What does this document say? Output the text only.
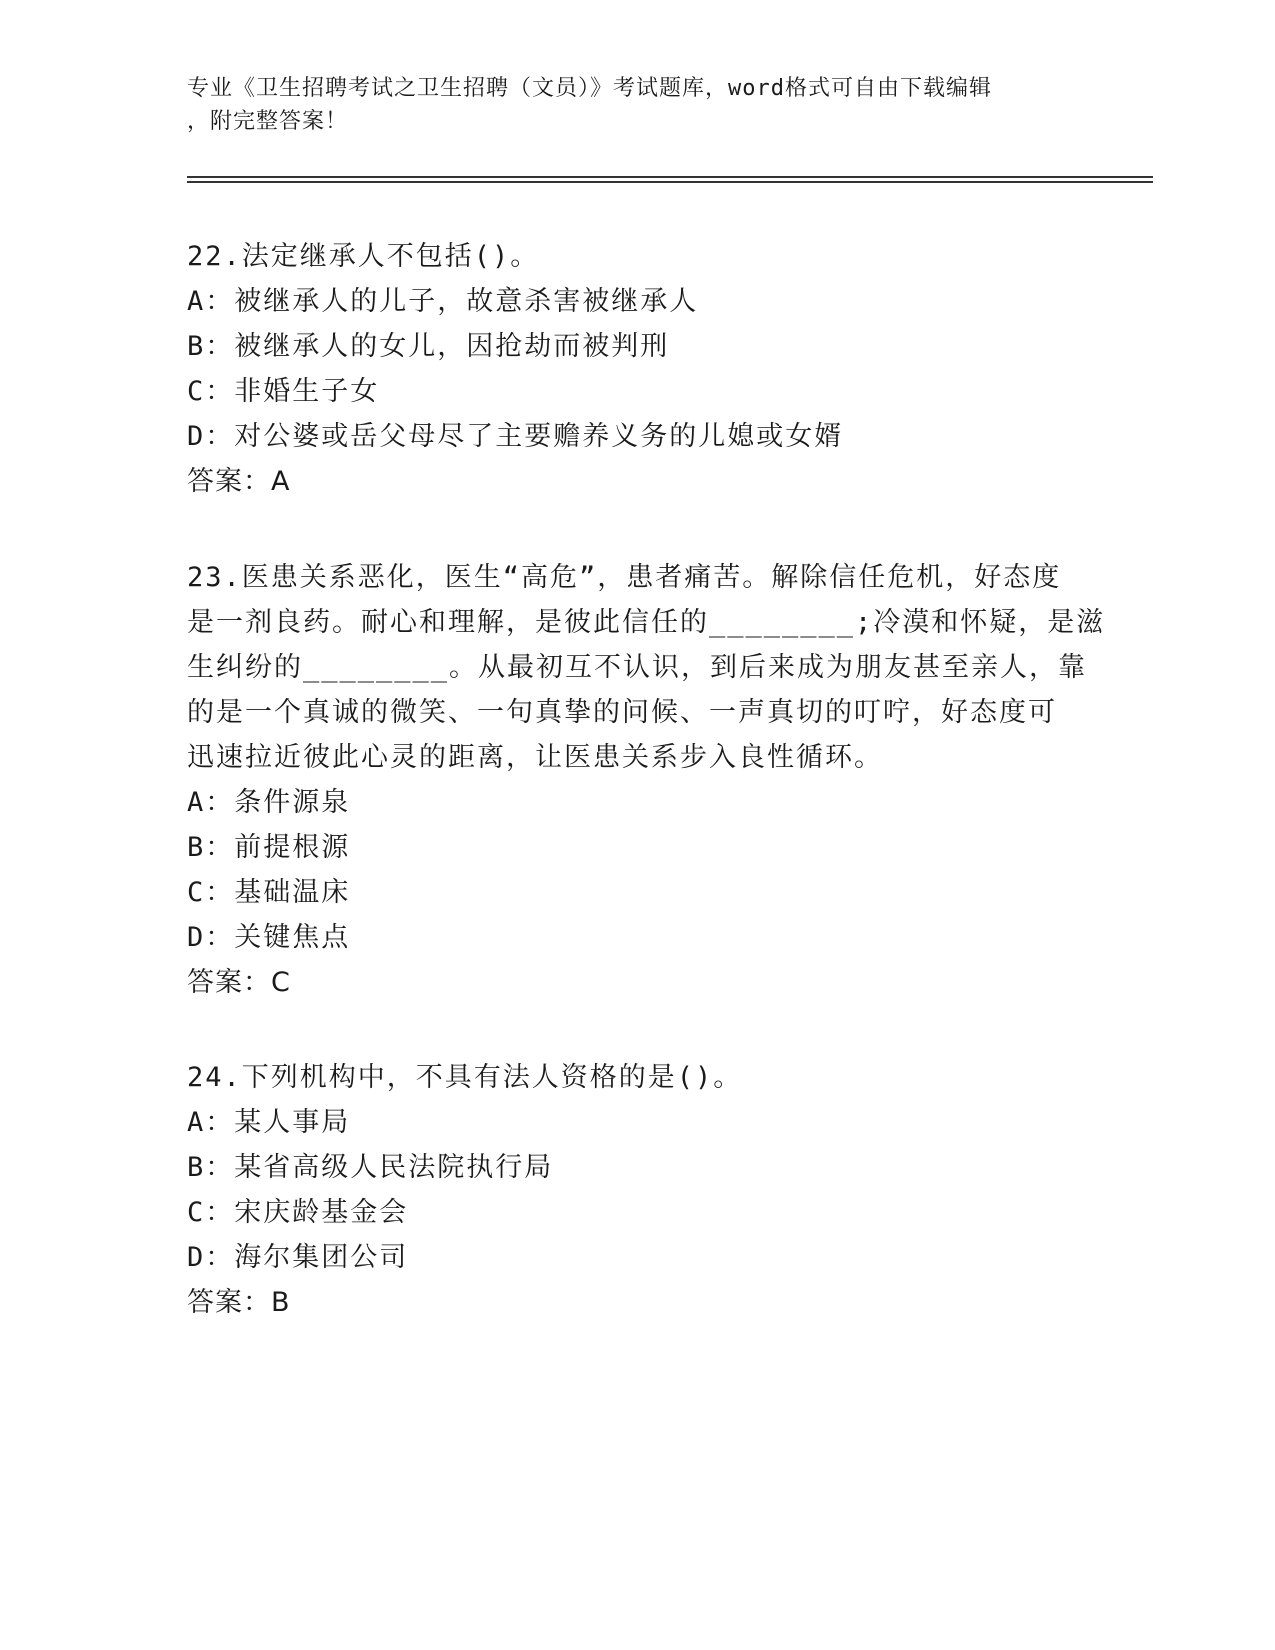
专业《卫生招聘考试之卫生招聘（文员）》考试题库，word格式可自由下载编辑
，附完整答案！
22.法定继承人不包括()。
A：被继承人的儿子，故意杀害被继承人
B：被继承人的女儿，因抢劫而被判刑
C：非婚生子女
D：对公婆或岳父母尽了主要赡养义务的儿媳或女婿
答案：A
23.医患关系恶化，医生“高危”，患者痛苦。解除信任危机，好态度
是一剂良药。耐心和理解，是彼此信任的________;冷漠和怀疑，是滋
生纠纷的________。从最初互不认识，到后来成为朋友甚至亲人，靠
的是一个真诚的微笑、一句真挚的问候、一声真切的叮咛，好态度可
迅速拉近彼此心灵的距离，让医患关系步入良性循环。
A：条件源泉
B：前提根源
C：基础温床
D：关键焦点
答案：C
24.下列机构中，不具有法人资格的是()。
A：某人事局
B：某省高级人民法院执行局
C：宋庆龄基金会
D：海尔集团公司
答案：B
